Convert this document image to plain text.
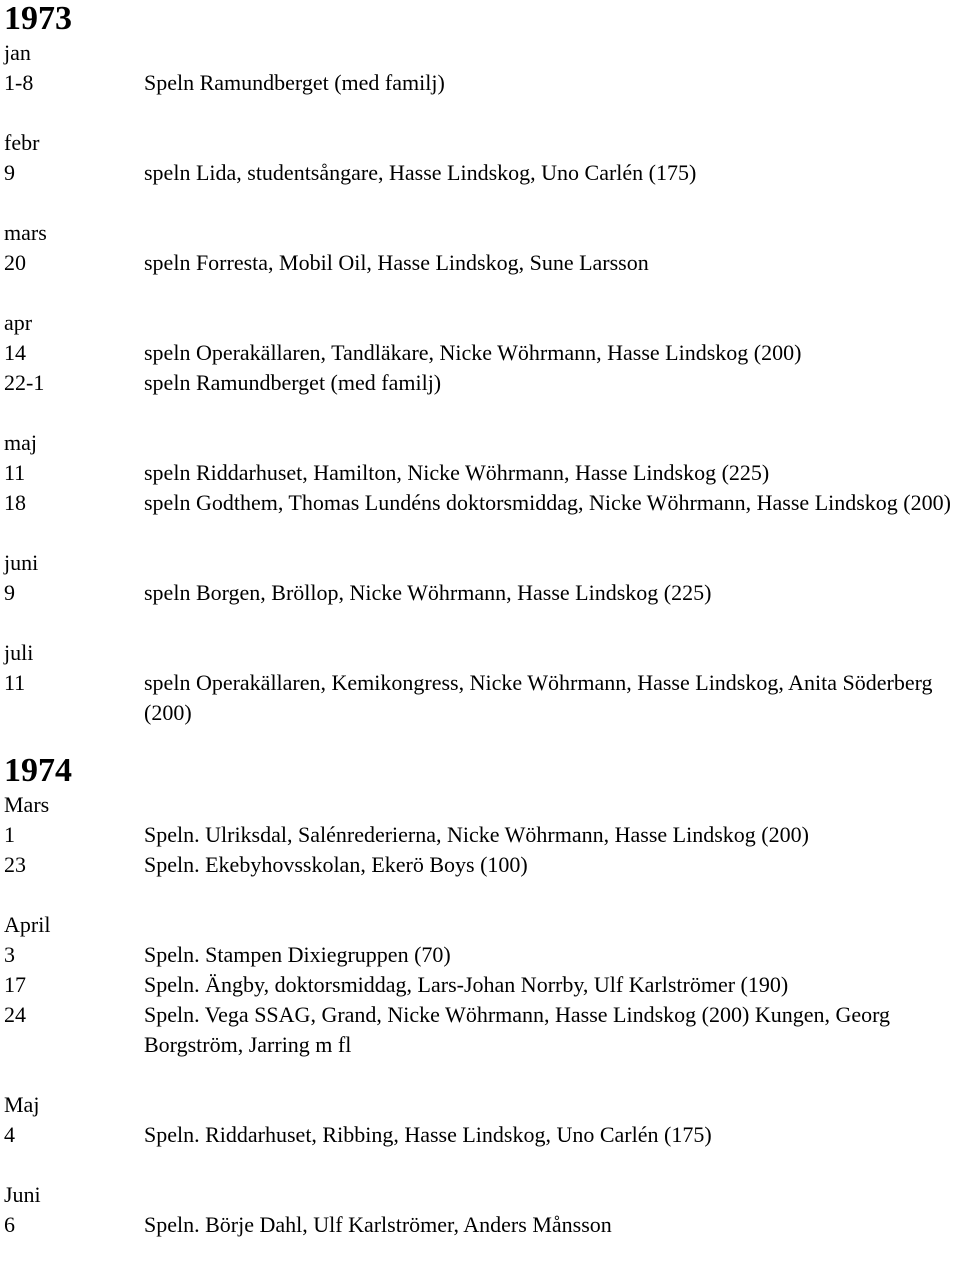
1973
jan
1-8	Speln Ramundberget (med familj)
febr
9	speln Lida, studentsångare, Hasse Lindskog, Uno Carlén (175)
mars
20	speln Forresta, Mobil Oil, Hasse Lindskog, Sune Larsson
apr
14	speln Operakällaren, Tandläkare, Nicke Wöhrmann, Hasse Lindskog (200)
22-1	speln Ramundberget (med familj)
maj
11	speln Riddarhuset, Hamilton, Nicke Wöhrmann, Hasse Lindskog (225)
18	speln Godthem, Thomas Lundéns doktorsmiddag, Nicke Wöhrmann, Hasse Lindskog (200)
juni
9	speln Borgen, Bröllop, Nicke Wöhrmann, Hasse Lindskog (225)
juli
11	speln Operakällaren, Kemikongress, Nicke Wöhrmann, Hasse Lindskog, Anita Söderberg (200)
1974
Mars
1	Speln. Ulriksdal, Salénrederierna, Nicke Wöhrmann, Hasse Lindskog (200)
23	Speln. Ekebyhovsskolan, Ekerö Boys (100)
April
3	Speln. Stampen Dixiegruppen (70)
17	Speln. Ängby, doktorsmiddag, Lars-Johan Norrby, Ulf Karlströmer (190)
24	Speln. Vega SSAG, Grand, Nicke Wöhrmann, Hasse Lindskog (200) Kungen, Georg Borgström, Jarring m fl
Maj
4	Speln. Riddarhuset, Ribbing, Hasse Lindskog, Uno Carlén (175)
Juni
6	Speln. Börje Dahl, Ulf Karlströmer, Anders Månsson
